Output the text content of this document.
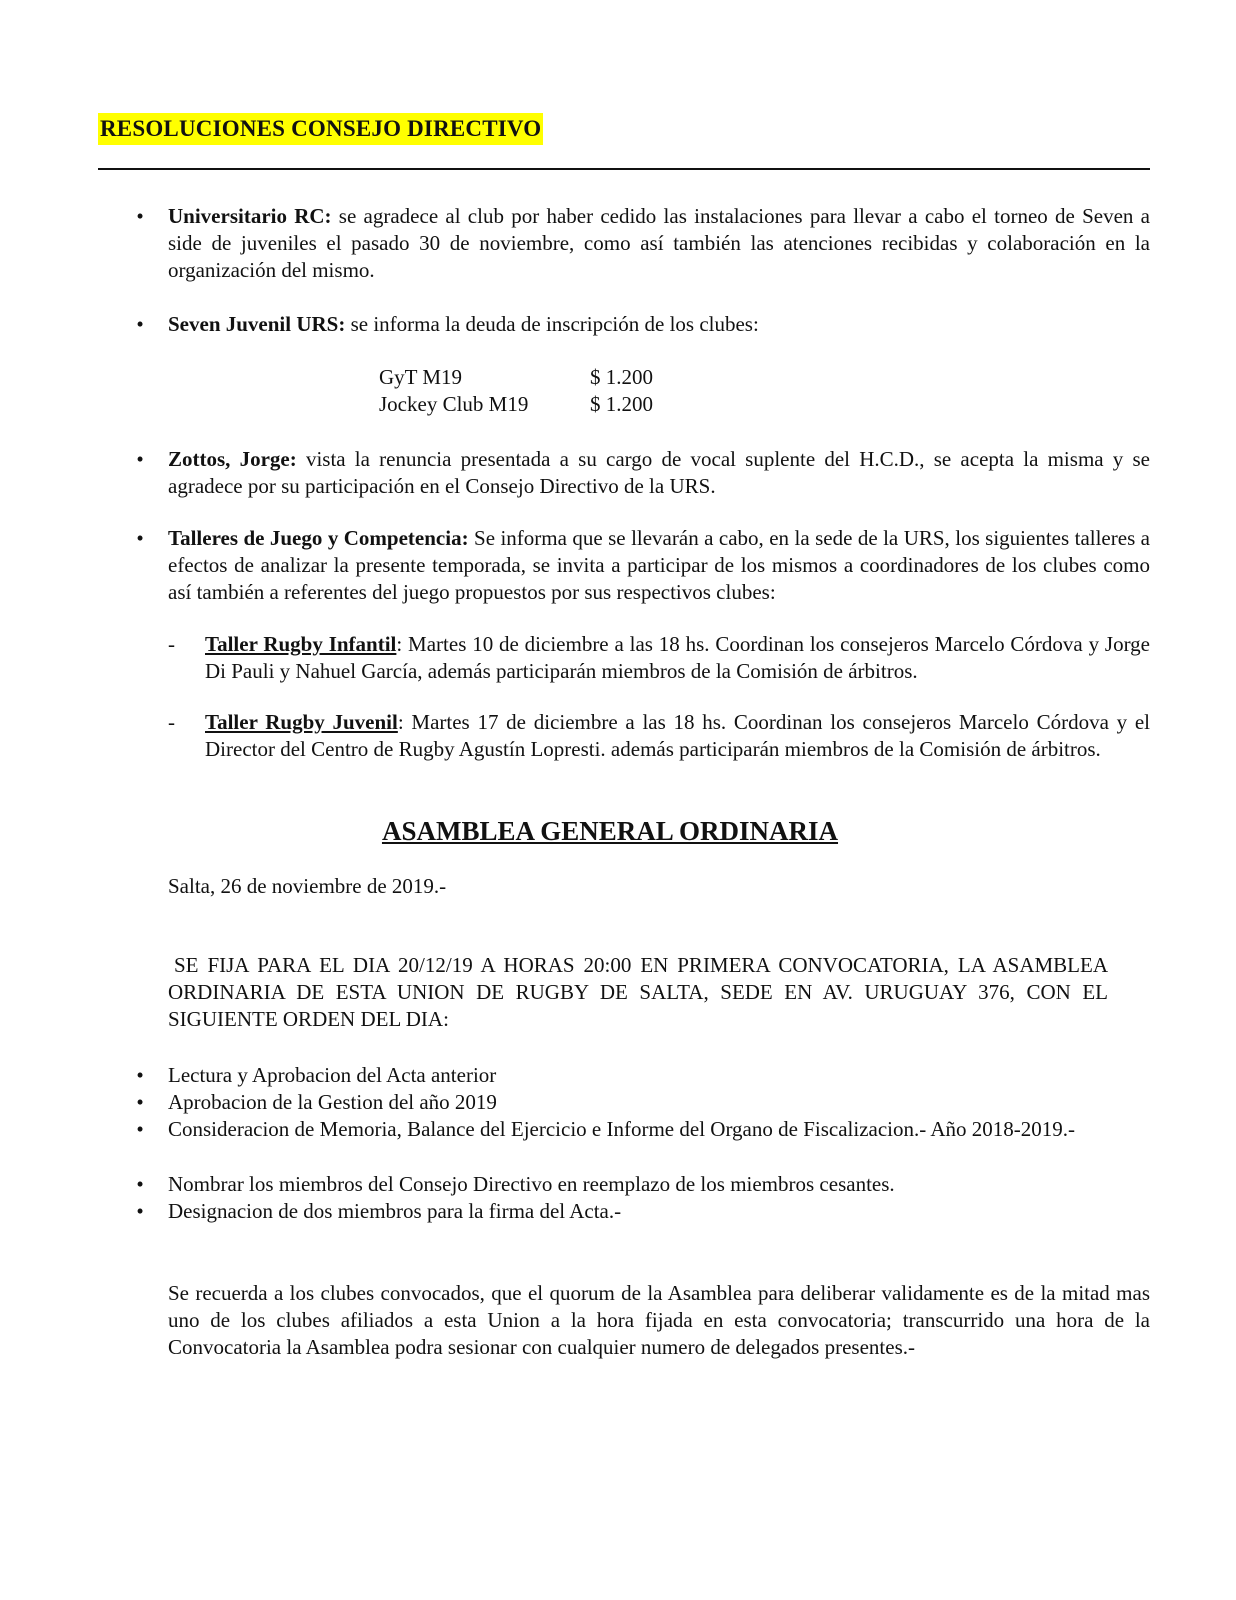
RESOLUCIONES CONSEJO DIRECTIVO
•	Universitario RC: se agradece al club por haber cedido las instalaciones para llevar a cabo el torneo de Seven a side de juveniles el pasado 30 de noviembre, como así también las atenciones recibidas y colaboración en la organización del mismo.
•	Seven Juvenil URS: se informa la deuda de inscripción de los clubes:
GyT M19	$ 1.200
Jockey Club M19	$ 1.200
•	Zottos, Jorge: vista la renuncia presentada a su cargo de vocal suplente del H.C.D., se acepta la misma y se agradece por su participación en el Consejo Directivo de la URS.
•	Talleres de Juego y Competencia: Se informa que se llevarán a cabo, en la sede de la URS, los siguientes talleres a efectos de analizar la presente temporada, se invita a participar de los mismos a coordinadores de los clubes como así también a referentes del juego propuestos por sus respectivos clubes:
-	Taller Rugby Infantil: Martes 10 de diciembre a las 18 hs. Coordinan los consejeros Marcelo Córdova y Jorge Di Pauli y Nahuel García, además participarán miembros de la Comisión de árbitros.
-	Taller Rugby Juvenil: Martes 17 de diciembre a las 18 hs. Coordinan los consejeros Marcelo Córdova y el Director del Centro de Rugby Agustín Lopresti. además participarán miembros de la Comisión de árbitros.
ASAMBLEA GENERAL ORDINARIA
Salta, 26 de noviembre de 2019.-
SE FIJA PARA EL DIA 20/12/19 A HORAS 20:00 EN PRIMERA CONVOCATORIA, LA ASAMBLEA ORDINARIA DE ESTA UNION DE RUGBY DE SALTA, SEDE EN AV. URUGUAY 376, CON EL SIGUIENTE ORDEN DEL DIA:
•	Lectura y Aprobacion del Acta anterior
•	Aprobacion de la Gestion del año 2019
•	Consideracion de Memoria, Balance del Ejercicio e Informe del Organo de Fiscalizacion.- Año 2018-2019.-
•	Nombrar los miembros del Consejo Directivo en reemplazo de los miembros cesantes.
•	Designacion de dos miembros para la firma del Acta.-
Se recuerda a los clubes convocados, que el quorum de la Asamblea para deliberar validamente es de la mitad mas uno de los clubes afiliados a esta Union a la hora fijada en esta convocatoria; transcurrido una hora de la Convocatoria la Asamblea podra sesionar con cualquier numero de delegados presentes.-
